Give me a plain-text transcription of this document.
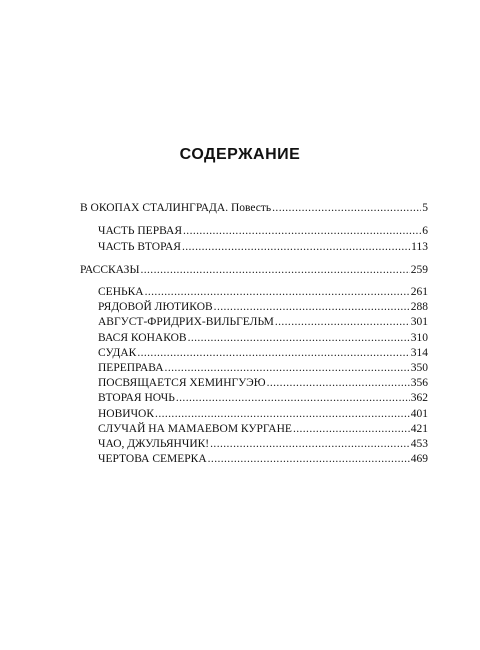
СОДЕРЖАНИЕ
В ОКОПАХ СТАЛИНГРАДА. Повесть .....	5
ЧАСТЬ ПЕРВАЯ .....	6
ЧАСТЬ ВТОРАЯ .....	113
РАССКАЗЫ .....	259
СЕНЬКА .....	261
РЯДОВОЙ ЛЮТИКОВ .....	288
АВГУСТ-ФРИДРИХ-ВИЛЬГЕЛЬМ .....	301
ВАСЯ КОНАКОВ .....	310
СУДАК .....	314
ПЕРЕПРАВА .....	350
ПОСВЯЩАЕТСЯ ХЕМИНГУЭЮ .....	356
ВТОРАЯ НОЧЬ .....	362
НОВИЧОК .....	401
СЛУЧАЙ НА МАМАЕВОМ КУРГАНЕ .....	421
ЧАО, ДЖУЛЬЯНЧИК! .....	453
ЧЕРТОВА СЕМЕРКА .....	469
